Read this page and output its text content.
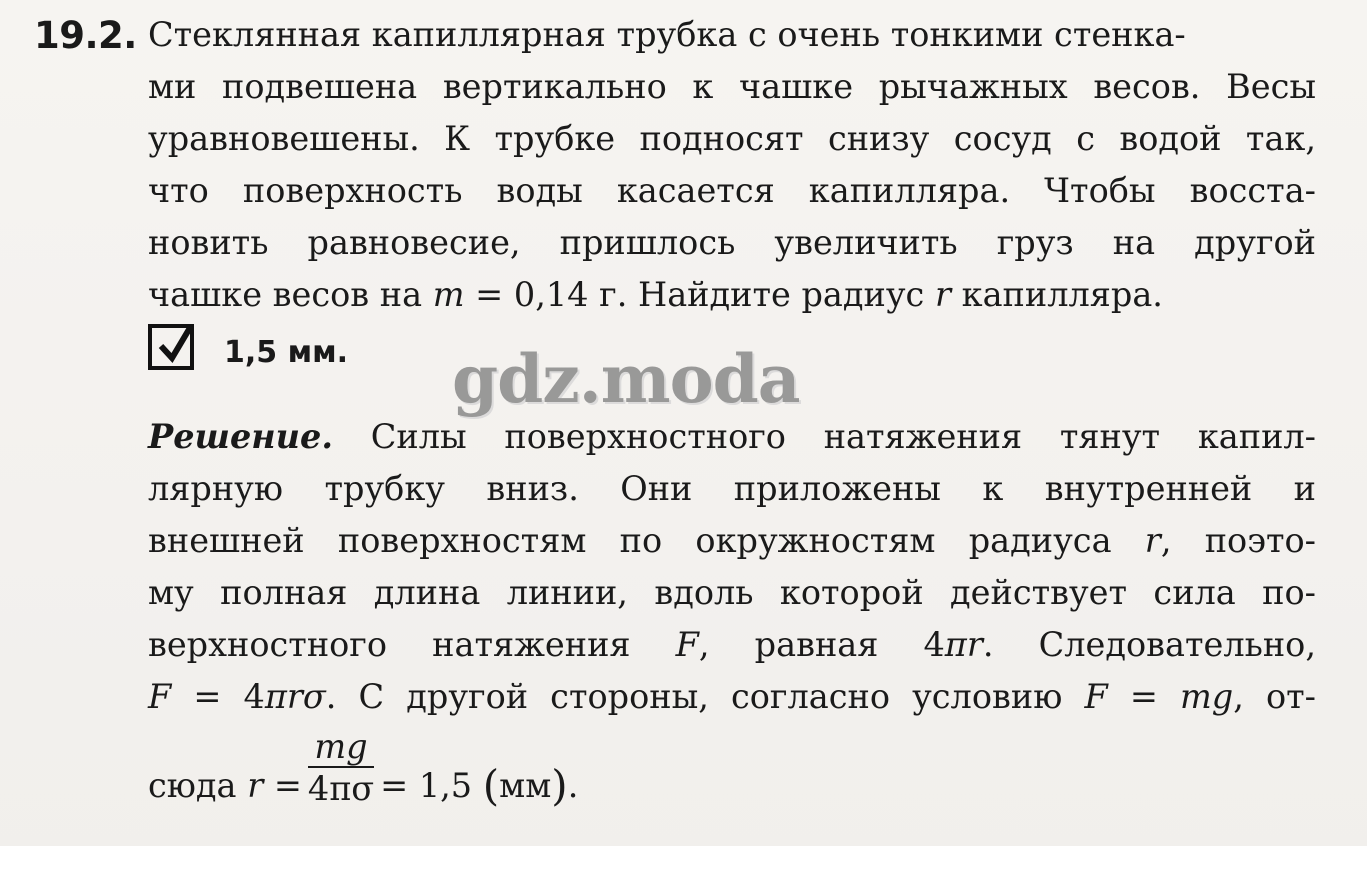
19.2. Стеклянная капиллярная трубка с очень тонкими стенка-
ми подвешена вертикально к чашке рычажных весов. Весы
уравновешены. К трубке подносят снизу сосуд с водой так,
что поверхность воды касается капилляра. Чтобы восста-
новить равновесие, пришлось увеличить груз на другой
чашке весов на m = 0,14 г. Найдите радиус r капилляра.
1,5 мм. gdz.moda
Решение. Силы поверхностного натяжения тянут капил-
лярную трубку вниз. Они приложены к внутренней и
внешней поверхностям по окружностям радиуса r, поэто-
му полная длина линии, вдоль которой действует сила по-
верхностного натяжения F, равная 4πr. Следовательно,
F = 4πrσ. С другой стороны, согласно условию F = mg, от-
сюда $r = \frac{mg}{4\pi\sigma} = 1,5$ (мм).
